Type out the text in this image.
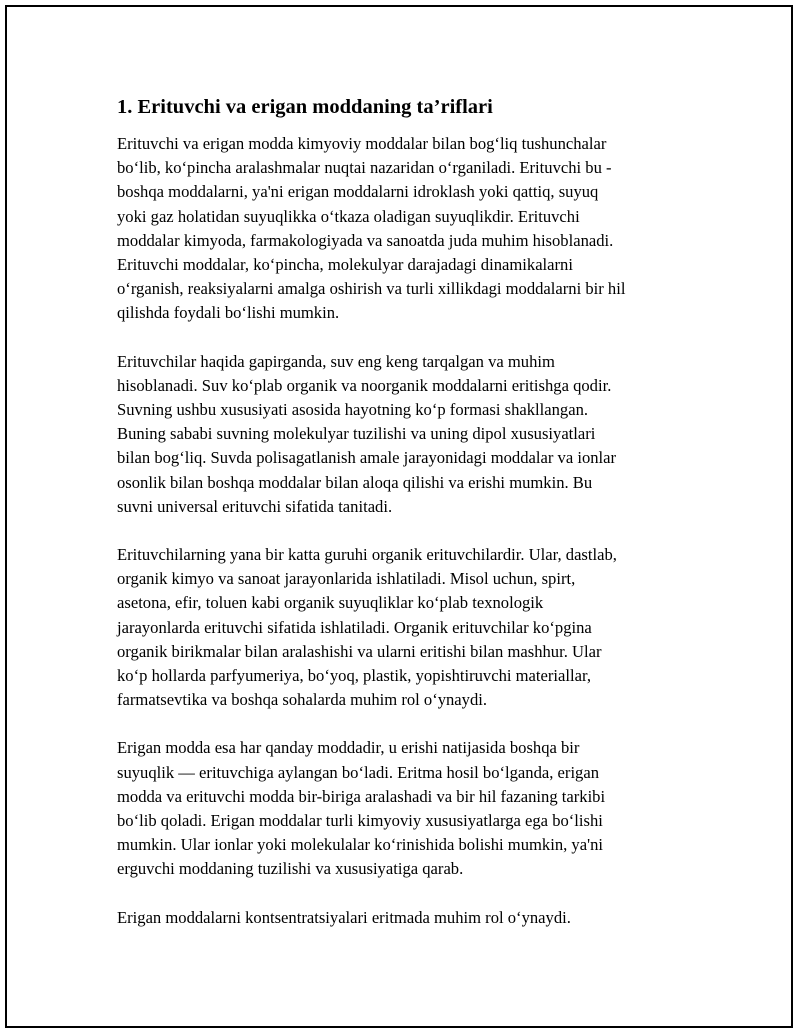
1. Erituvchi va erigan moddaning ta’riflari

Erituvchi va erigan modda kimyoviy moddalar bilan bog‘liq tushunchalar
bo‘lib, ko‘pincha aralashmalar nuqtai nazaridan o‘rganiladi. Erituvchi bu -
boshqa moddalarni, ya'ni erigan moddalarni idroklash yoki qattiq, suyuq
yoki gaz holatidan suyuqlikka o‘tkaza oladigan suyuqlikdir. Erituvchi
moddalar kimyoda, farmakologiyada va sanoatda juda muhim hisoblanadi.
Erituvchi moddalar, ko‘pincha, molekulyar darajadagi dinamikalarni
o‘rganish, reaksiyalarni amalga oshirish va turli xillikdagi moddalarni bir hil
qilishda foydali bo‘lishi mumkin.

Erituvchilar haqida gapirganda, suv eng keng tarqalgan va muhim
hisoblanadi. Suv ko‘plab organik va noorganik moddalarni eritishga qodir.
Suvning ushbu xususiyati asosida hayotning ko‘p formasi shakllangan.
Buning sababi suvning molekulyar tuzilishi va uning dipol xususiyatlari
bilan bog‘liq. Suvda polisagatlanish amale jarayonidagi moddalar va ionlar
osonlik bilan boshqa moddalar bilan aloqa qilishi va erishi mumkin. Bu
suvni universal erituvchi sifatida tanitadi.

Erituvchilarning yana bir katta guruhi organik erituvchilardir. Ular, dastlab,
organik kimyo va sanoat jarayonlarida ishlatiladi. Misol uchun, spirt,
asetona, efir, toluen kabi organik suyuqliklar ko‘plab texnologik
jarayonlarda erituvchi sifatida ishlatiladi. Organik erituvchilar ko‘pgina
organik birikmalar bilan aralashishi va ularni eritishi bilan mashhur. Ular
ko‘p hollarda parfyumeriya, bo‘yoq, plastik, yopishtiruvchi materiallar,
farmatsevtika va boshqa sohalarda muhim rol o‘ynaydi.

Erigan modda esa har qanday moddadir, u erishi natijasida boshqa bir
suyuqlik — erituvchiga aylangan bo‘ladi. Eritma hosil bo‘lganda, erigan
modda va erituvchi modda bir-biriga aralashadi va bir hil fazaning tarkibi
bo‘lib qoladi. Erigan moddalar turli kimyoviy xususiyatlarga ega bo‘lishi
mumkin. Ular ionlar yoki molekulalar ko‘rinishida bolishi mumkin, ya'ni
erguvchi moddaning tuzilishi va xususiyatiga qarab.

Erigan moddalarni kontsentratsiyalari eritmada muhim rol o‘ynaydi.
